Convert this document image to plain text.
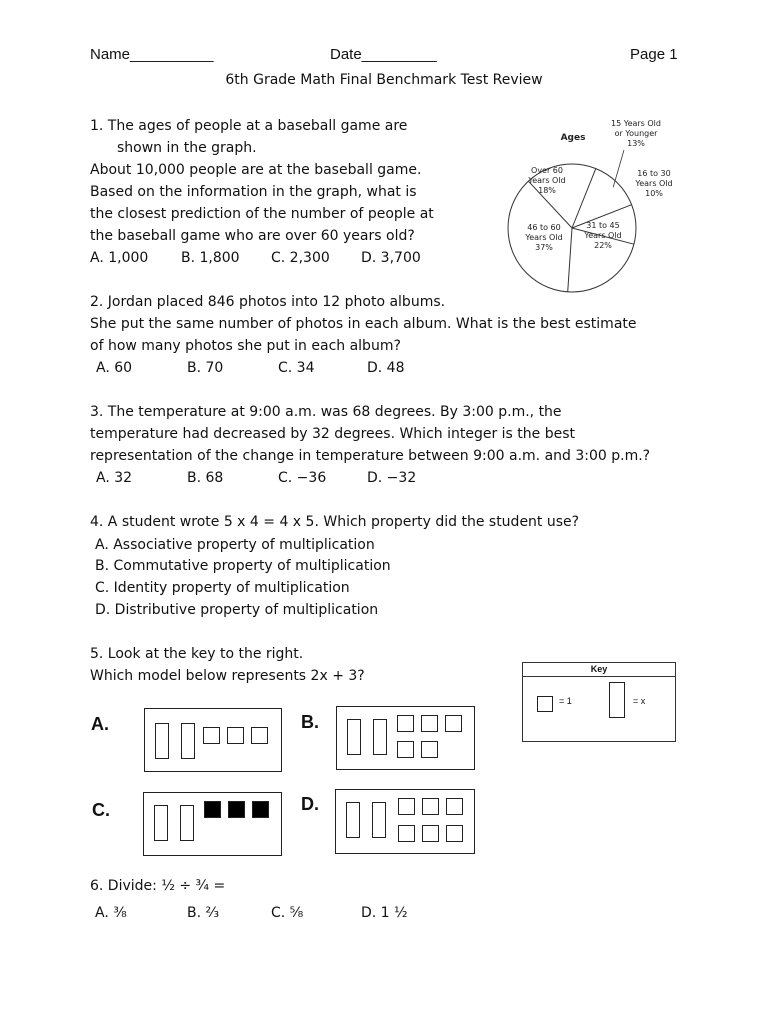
Name__________	Date_________	Page 1
6th Grade Math Final Benchmark Test Review
1. The ages of people at a baseball game are
shown in the graph.
About 10,000 people are at the baseball game.
Based on the information in the graph, what is
the closest prediction of the number of people at
the baseball game who are over 60 years old?
A. 1,000 B. 1,800 C. 2,300 D. 3,700
Ages
15 Years Old or Younger 13%
16 to 30 Years Old 10%
31 to 45 Years Old 22%
46 to 60 Years Old 37%
Over 60 Years Old 18%
2. Jordan placed 846 photos into 12 photo albums.
She put the same number of photos in each album. What is the best estimate
of how many photos she put in each album?
A. 60	B. 70	C. 34	D. 48
3. The temperature at 9:00 a.m. was 68 degrees. By 3:00 p.m., the
temperature had decreased by 32 degrees. Which integer is the best
representation of the change in temperature between 9:00 a.m. and 3:00 p.m.?
A. 32	B. 68	C. −36	D. −32
4. A student wrote 5 x 4 = 4 x 5. Which property did the student use?
A. Associative property of multiplication
B. Commutative property of multiplication
C. Identity property of multiplication
D. Distributive property of multiplication
5. Look at the key to the right.
Which model below represents 2x + 3?	Key
= 1	= x
A.	B.
C.	D.
6. Divide: ½ ÷ ¾ =
A. ³⁄₈	B. ²⁄₃	C. ⁵⁄₈	D. 1 ½
